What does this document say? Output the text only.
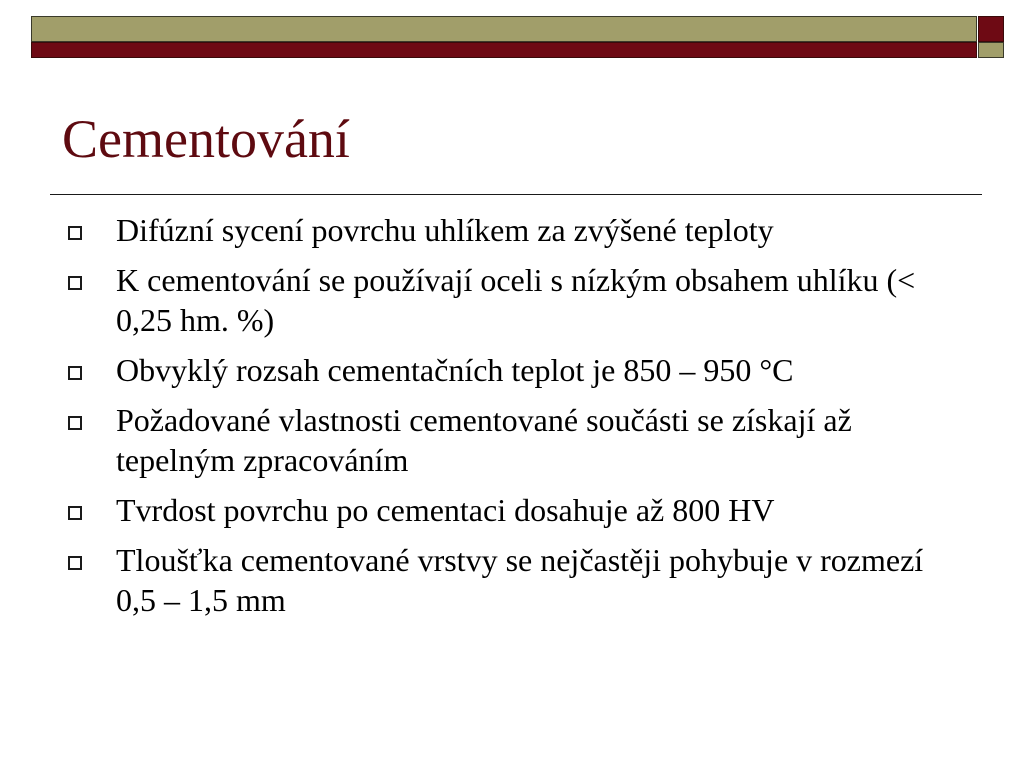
Cementování
Difúzní sycení povrchu uhlíkem za zvýšené teploty
K cementování se používají oceli s nízkým obsahem uhlíku (< 0,25 hm. %)
Obvyklý rozsah cementačních teplot je 850 – 950 °C
Požadované vlastnosti cementované součásti se získají až tepelným zpracováním
Tvrdost povrchu po cementaci dosahuje až 800 HV
Tloušťka cementované vrstvy se nejčastěji pohybuje v rozmezí 0,5 – 1,5 mm
